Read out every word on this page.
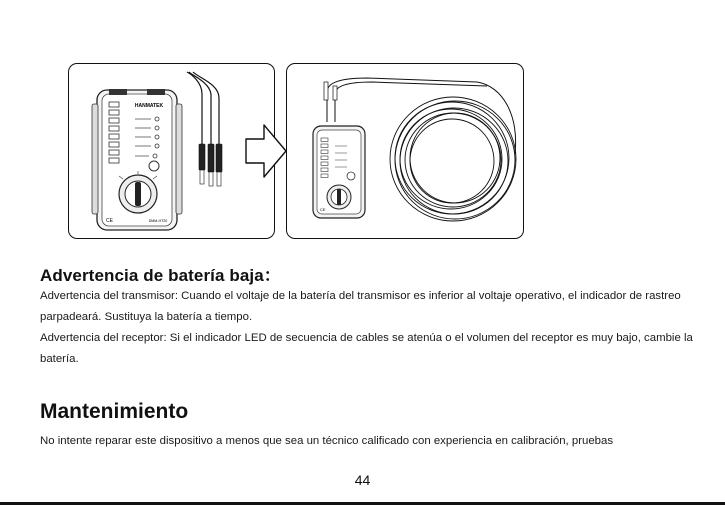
HANMATEK
CE	DMM-HT20
CE
Advertencia de batería baja：

Advertencia del transmisor: Cuando el voltaje de la batería del transmisor es inferior al voltaje operativo, el indicador de rastreo parpadeará. Sustituya la batería a tiempo.

Advertencia del receptor: Si el indicador LED de secuencia de cables se atenúa o el volumen del receptor es muy bajo, cambie la batería.

Mantenimiento

No intente reparar este dispositivo a menos que sea un técnico calificado con experiencia en calibración, pruebas

44
